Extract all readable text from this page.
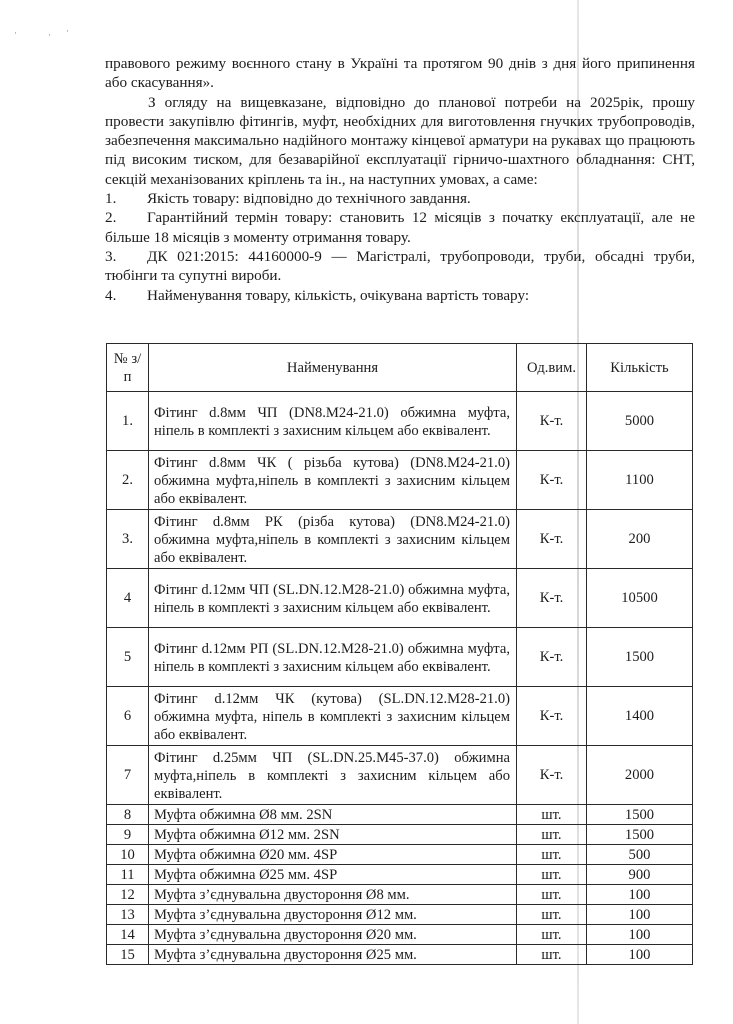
·	· ·

правового режиму воєнного стану в Україні та протягом 90 днів з дня його припинення або скасування».

З огляду на вищевказане, відповідно до планової потреби на 2025рік, прошу провести закупівлю фітингів, муфт, необхідних для виготовлення гнучких трубопроводів, забезпечення максимально надійного монтажу кінцевої арматури на рукавах що працюють під високим тиском, для безаварійної експлуатації гірничо-шахтного обладнання: СНТ, секцій механізованих кріплень та ін., на наступних умовах, а саме:

1.	Якість товару: відповідно до технічного завдання.

2. Гарантійний термін товару: становить 12 місяців з початку експлуатації, але не більше 18 місяців з моменту отримання товару.

3. ДК 021:2015: 44160000-9 — Магістралі, трубопроводи, труби, обсадні труби, тюбінги та супутні вироби.

4.	Найменування товару, кількість, очікувана вартість товару:
№ з/п	Найменування	Од.вим.	Кількість
1.	Фітинг d.8мм ЧП (DN8.M24-21.0) обжимна муфта, ніпель в комплекті з захисним кільцем або еквівалент.	К-т.	5000
2.	Фітинг d.8мм ЧК ( різьба кутова) (DN8.M24-21.0) обжимна муфта,ніпель в комплекті з захисним кільцем або еквівалент.	К-т.	1100
3.	Фітинг d.8мм РК (різба кутова) (DN8.M24-21.0) обжимна муфта,ніпель в комплекті з захисним кільцем або еквівалент.	К-т.	200
4	Фітинг d.12мм ЧП (SL.DN.12.M28-21.0) обжимна муфта, ніпель в комплекті з захисним кільцем або еквівалент.	К-т.	10500
5	Фітинг d.12мм РП (SL.DN.12.M28-21.0) обжимна муфта, ніпель в комплекті з захисним кільцем або еквівалент.	К-т.	1500
6	Фітинг d.12мм ЧК (кутова) (SL.DN.12.M28-21.0) обжимна муфта, ніпель в комплекті з захисним кільцем або еквівалент.	К-т.	1400
7	Фітинг d.25мм ЧП (SL.DN.25.M45-37.0) обжимна муфта,ніпель в комплекті з захисним кільцем або еквівалент.	К-т.	2000
8	Муфта обжимна Ø8 мм. 2SN	шт.	1500
9	Муфта обжимна Ø12 мм. 2SN	шт.	1500
10	Муфта обжимна Ø20 мм. 4SP	шт.	500
11	Муфта обжимна Ø25 мм. 4SP	шт.	900
12	Муфта з’єднувальна двустороння Ø8 мм.	шт.	100
13	Муфта з’єднувальна двустороння Ø12 мм.	шт.	100
14	Муфта з’єднувальна двустороння Ø20 мм.	шт.	100
15	Муфта з’єднувальна двустороння Ø25 мм.	шт.	100
